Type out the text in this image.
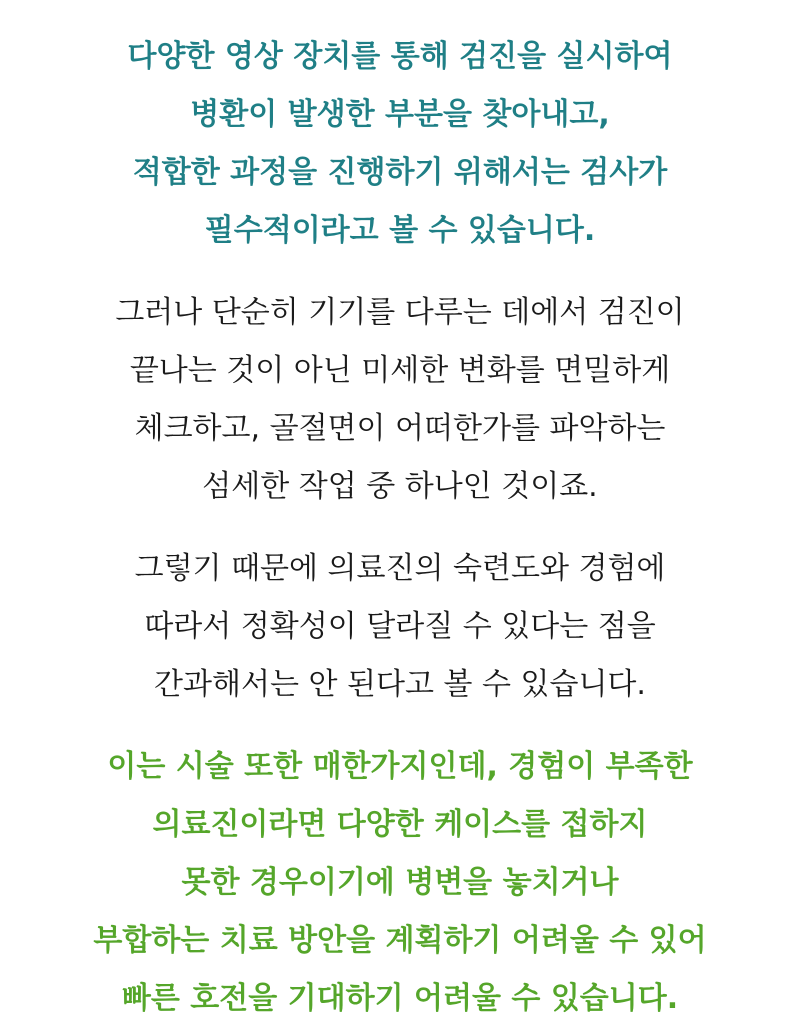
다양한 영상 장치를 통해 검진을 실시하여
병환이 발생한 부분을 찾아내고,
적합한 과정을 진행하기 위해서는 검사가
필수적이라고 볼 수 있습니다.
그러나 단순히 기기를 다루는 데에서 검진이
끝나는 것이 아닌 미세한 변화를 면밀하게
체크하고, 골절면이 어떠한가를 파악하는
섬세한 작업 중 하나인 것이죠.
그렇기 때문에 의료진의 숙련도와 경험에
따라서 정확성이 달라질 수 있다는 점을
간과해서는 안 된다고 볼 수 있습니다.
이는 시술 또한 매한가지인데, 경험이 부족한
의료진이라면 다양한 케이스를 접하지
못한 경우이기에 병변을 놓치거나
부합하는 치료 방안을 계획하기 어려울 수 있어
빠른 호전을 기대하기 어려울 수 있습니다.
